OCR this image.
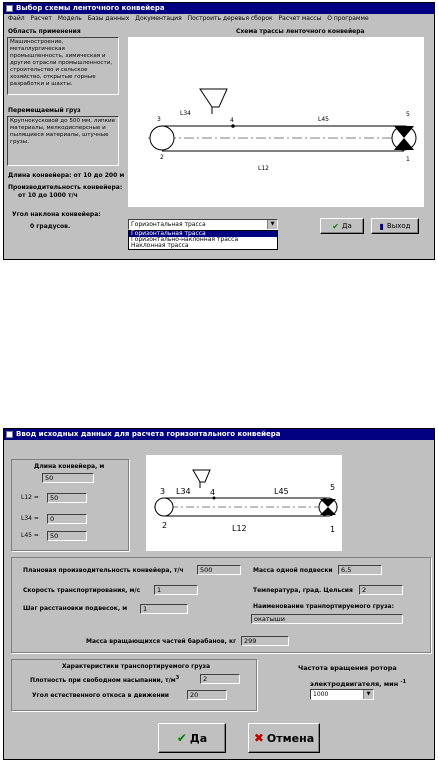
Выбор схемы ленточного конвейера
Файл Расчет Модель Базы данных Документация Построить деревья сборок Расчет массы О программе
Область применения
Машиностроение, металлургическая промышленность, химическая и другие отрасли промышленности, строительство и сельское хозяйство, открытые горные разработки и шахты.
Перемещаемый груз
Крупнокусковой до 500 мм, липкие материалы, мелкодисперсные и пылящиеся материалы, штучные грузы.
Длина конвейера: от 10 до 200 м
Производительность конвейера:
от 10 до 1000 т/ч
Угол наклона конвейера:
0 градусов.
Схема трассы ленточного конвейера
3
L34
4	L45
5
2
L12
1
Горизонтальная трасса	▼
Горизонтальная трасса
Горизонтально-наклонная трасса
Наклонная трасса
✔ Да	▮ Выход
Ввод исходных данных для расчета горизонтального конвейера
Длина конвейера, м
50
L12 =	50
L34 =	0
L45 =	50
3 L34 4	L45	5
2	L12	1
Плановая производительность конвейера, т/ч	500
Скорость транспортирования, м/с	1
Шаг расстановки подвесок, м	1
Масса одной подвески	6,5
Температура, град. Цельсия	2
Наименование транпортируемого груза:
окатыши
Масса вращающихся частей барабанов, кг	299
Характеристики транспортируемого груза
Плотность при свободном насыпании, $т/м^3$	2
Угол естественного откоса в движении	20
Частота вращения ротора
электродвигателя, мин $^{-1}$
1000	▼
✔ Да	✖ Отмена
